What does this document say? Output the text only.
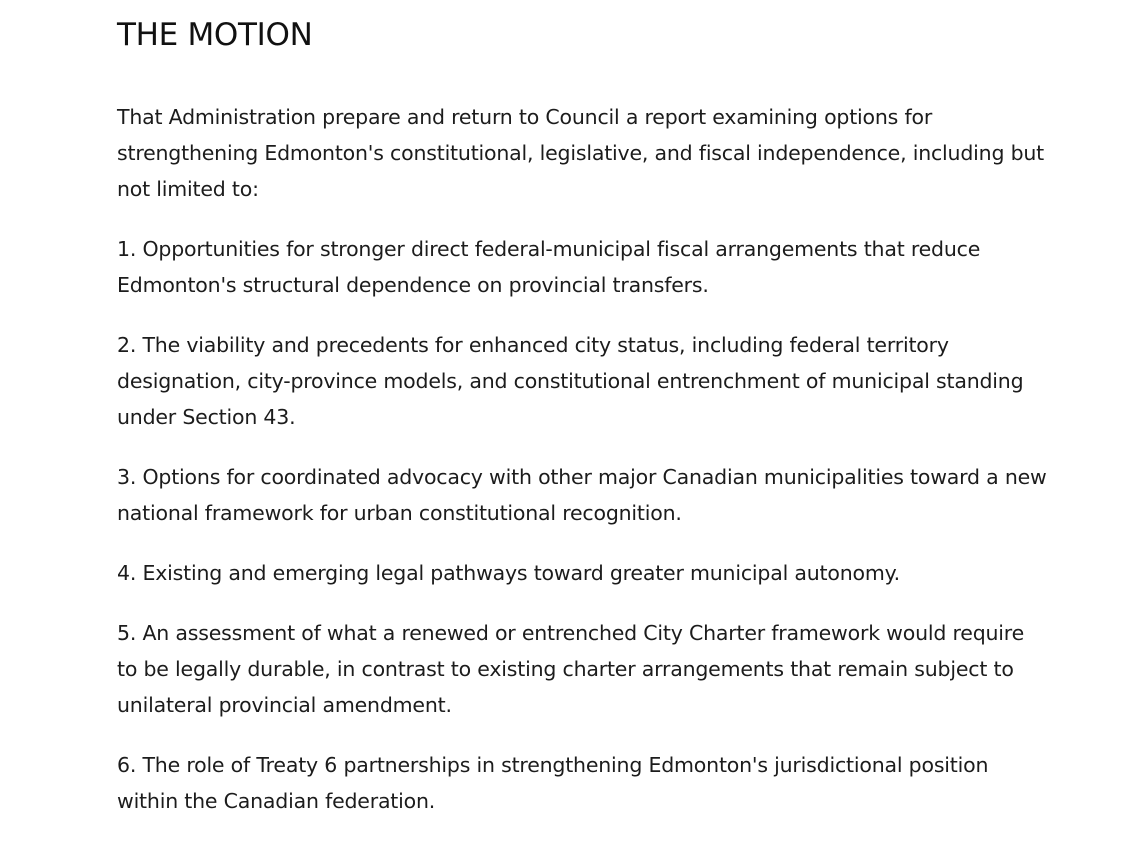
THE MOTION

That Administration prepare and return to Council a report examining options for strengthening Edmonton's constitutional, legislative, and fiscal independence, including but not limited to:

1. Opportunities for stronger direct federal-municipal fiscal arrangements that reduce Edmonton's structural dependence on provincial transfers.

2. The viability and precedents for enhanced city status, including federal territory designation, city-province models, and constitutional entrenchment of municipal standing under Section 43.

3. Options for coordinated advocacy with other major Canadian municipalities toward a new national framework for urban constitutional recognition.

4. Existing and emerging legal pathways toward greater municipal autonomy.

5. An assessment of what a renewed or entrenched City Charter framework would require to be legally durable, in contrast to existing charter arrangements that remain subject to unilateral provincial amendment.

6. The role of Treaty 6 partnerships in strengthening Edmonton's jurisdictional position within the Canadian federation.
